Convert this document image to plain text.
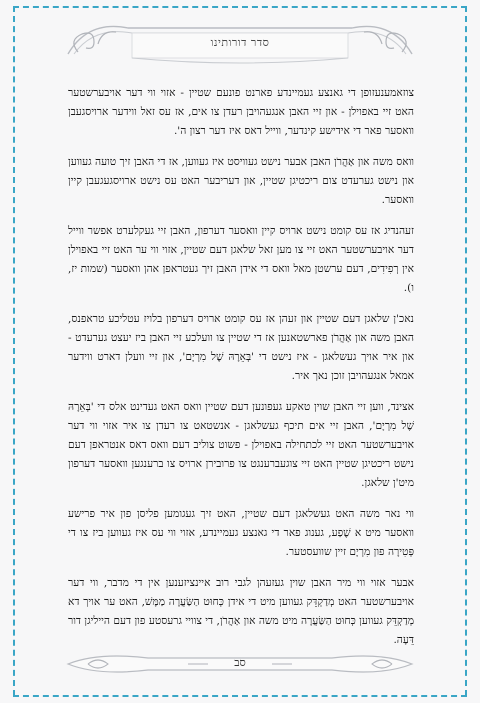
סדר דורותינו

צוזאמענעזופן די גאנצע געמיינדע פארנט פונעם שטיין - אזוי ווי דער אויבערשטער האט זיי באפוילן - און זיי האבן אנגעהויבן רעדן צו אים, אז עס זאל ווידער ארויסגעבן וואסער פאר די אידישע קינדער, ווייל דאס איז דער רצון ה'.

וואס משה און אַהֲרֹן האבן אבער נישט געוויסט איז געווען, אז די האבן זיך טועה געווען און נישט גערעדט צום ריכטיגן שטיין, און דעריבער האט עס נישט ארויסגעגעבן קיין וואסער.

זעהנדיג אז עס קומט נישט ארויס קיין וואסער דערפון, האבן זיי געקלערט אפשר ווייל דער אויבערשטער האט זיי צו מען זאל שלאגן דעם שטיין, אזוי ווי ער האט זיי באפוילן אין רְפִידִים, דעם ערשטן מאל וואס די אידן האבן זיך געטראפן אהן וואסער (שמות יז, ו).

נאכ'ן שלאגן דעם שטיין און זעהן אז עס קומט ארויס דערפון בלויז עטליכע טראפנס, האבן משה און אַהֲרֹן פארשטאנען אז די שטיין צו וועלכע זיי האבן ביז יעצט גערעדט - און איר אויך געשלאגן - איז נישט די 'בְּאֵרָהּ שֶׁל מִרְיָם', און זיי וועלן דארט ווידער אמאל אנגעהויבן זוכן נאך איר.

אצינד, ווען זיי האבן שוין טאקע געפונען דעם שטיין וואס האט געדינט אלס די 'בְּאֵרָהּ שֶׁל מִרְיָם', האבן זיי אים תיכף געשלאגן - אנשטאט צו רעדן צו איר אזוי ווי דער אויבערשטער האט זיי לכתחילה באפוילן - פשוט צוליב דעם וואס דאס אנטראפן דעם נישט ריכטיגן שטיין האט זיי צוגעברענגט צו פרובירן ארויס צו ברענגען וואסער דערפון מיט'ן שלאגן.

ווי נאר משה האט געשלאגן דעם שטיין, האט זיך געגומען פליסן פון איר פרישע וואסער מיט א שֶׁפַע, גענוג פאר די גאנצע געמיינדע, אזוי ווי עס איז געווען ביז צו די פְּטִירָה פון מִרְיָם זיין שוועסטער.

אבער אזוי ווי מיר האבן שוין געזעהן לגבי רוב איינציזענען אין די מדבר, ווי דער אויבערשטער האט מְדַקְדֵּק געווען מיט די אידן כְּחוּט הַשַּׂעֲרָה מַמָּשׁ, האט ער אויך דא מְדַקְדֵּק געווען כְּחוּט הַשַּׂעֲרָה מיט משה און אַהֲרֹן, די צוויי גרעסטע פון דעם הייליגן דור דֵּעָה.

סב
